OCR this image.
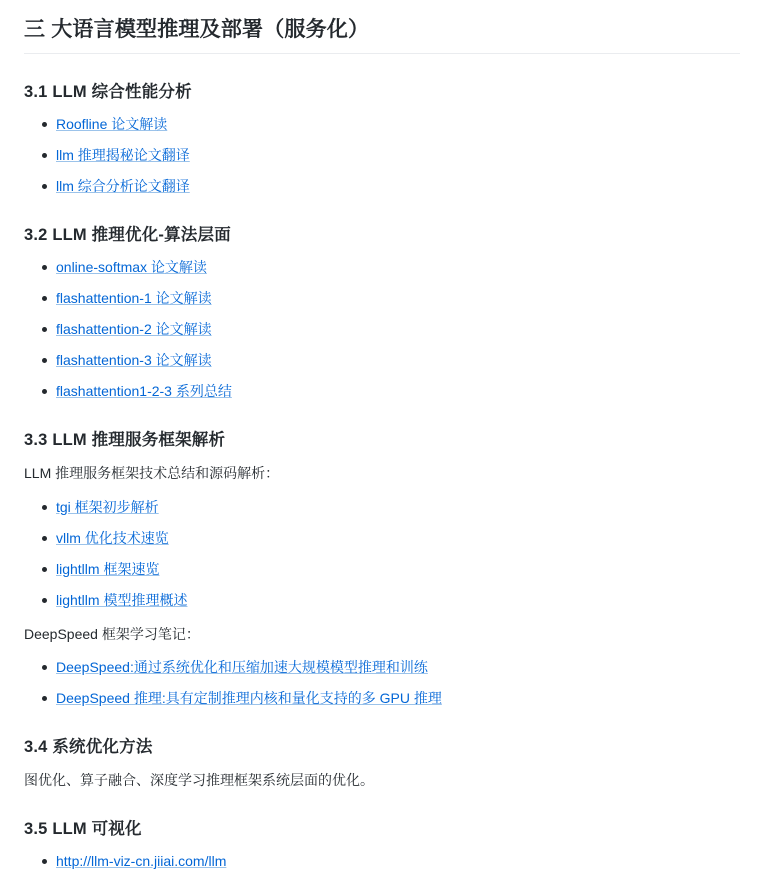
三 大语言模型推理及部署（服务化）
3.1 LLM 综合性能分析
Roofline 论文解读
llm 推理揭秘论文翻译
llm 综合分析论文翻译
3.2 LLM 推理优化-算法层面
online-softmax 论文解读
flashattention-1 论文解读
flashattention-2 论文解读
flashattention-3 论文解读
flashattention1-2-3 系列总结
3.3 LLM 推理服务框架解析

LLM 推理服务框架技术总结和源码解析：

tgi 框架初步解析
vllm 优化技术速览
lightllm 框架速览
lightllm 模型推理概述

DeepSpeed 框架学习笔记：

DeepSpeed:通过系统优化和压缩加速大规模模型推理和训练
DeepSpeed 推理:具有定制推理内核和量化支持的多 GPU 推理
3.4 系统优化方法

图优化、算子融合、深度学习推理框架系统层面的优化。

3.5 LLM 可视化
http://llm-viz-cn.jiiai.com/llm
